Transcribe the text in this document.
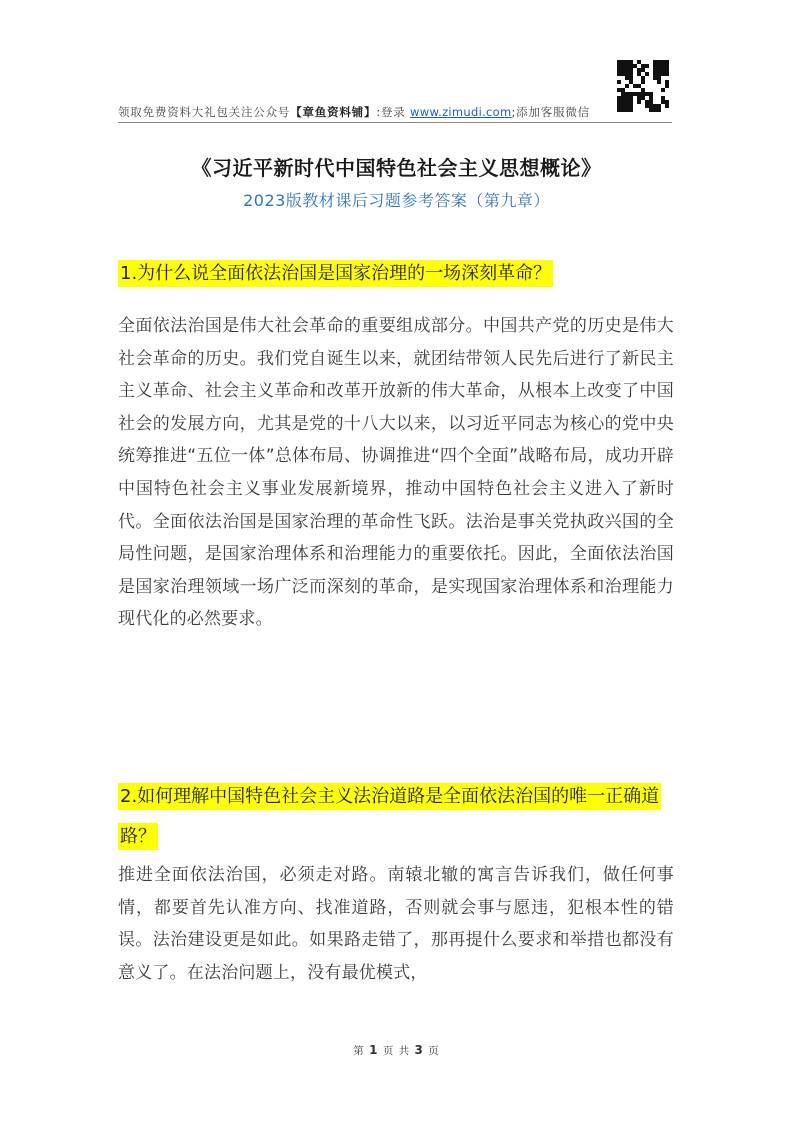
领取免费资料大礼包关注公众号【章鱼资料铺】:登录 www.zimudi.com;添加客服微信
《习近平新时代中国特色社会主义思想概论》
2023版教材课后习题参考答案（第九章）
1.为什么说全面依法治国是国家治理的一场深刻革命？
全面依法治国是伟大社会革命的重要组成部分。中国共产党的历史是伟大社会革命的历史。我们党自诞生以来，就团结带领人民先后进行了新民主主义革命、社会主义革命和改革开放新的伟大革命，从根本上改变了中国社会的发展方向，尤其是党的十八大以来，以习近平同志为核心的党中央统筹推进“五位一体”总体布局、协调推进“四个全面”战略布局，成功开辟中国特色社会主义事业发展新境界，推动中国特色社会主义进入了新时代。全面依法治国是国家治理的革命性飞跃。法治是事关党执政兴国的全局性问题，是国家治理体系和治理能力的重要依托。因此，全面依法治国是国家治理领域一场广泛而深刻的革命，是实现国家治理体系和治理能力现代化的必然要求。
2.如何理解中国特色社会主义法治道路是全面依法治国的唯一正确道路？
推进全面依法治国，必须走对路。南辕北辙的寓言告诉我们，做任何事情，都要首先认准方向、找准道路，否则就会事与愿违，犯根本性的错误。法治建设更是如此。如果路走错了，那再提什么要求和举措也都没有意义了。在法治问题上，没有最优模式，
第 1 页 共 3 页
